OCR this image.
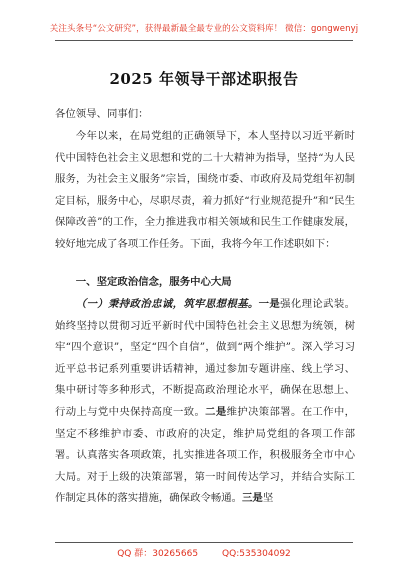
关注头条号“公文研究”，获得最新最全最专业的公文资料库！ 微信：gongwenyj
2025 年领导干部述职报告
各位领导、同事们：

今年以来，在局党组的正确领导下，本人坚持以习近平新时代中国特色社会主义思想和党的二十大精神为指导，坚持“为人民服务，为社会主义服务”宗旨，围绕市委、市政府及局党组年初制定目标，服务中心，尽职尽责，着力抓好“行业规范提升”和“民生保障改善”的工作，全力推进我市相关领域和民生工作健康发展，较好地完成了各项工作任务。下面，我将今年工作述职如下：

一、坚定政治信念，服务中心大局

（一）秉持政治忠诚，筑牢思想根基。一是强化理论武装。始终坚持以贯彻习近平新时代中国特色社会主义思想为统领，树牢“四个意识”，坚定“四个自信”，做到“两个维护”。深入学习习近平总书记系列重要讲话精神，通过参加专题讲座、线上学习、集中研讨等多种形式，不断提高政治理论水平，确保在思想上、行动上与党中央保持高度一致。二是维护决策部署。在工作中，坚定不移维护市委、市政府的决定，维护局党组的各项工作部署。认真落实各项政策，扎实推进各项工作，积极服务全市中心大局。对于上级的决策部署，第一时间传达学习，并结合实际工作制定具体的落实措施，确保政令畅通。三是坚

QQ 群：30265665	QQ:535304092
